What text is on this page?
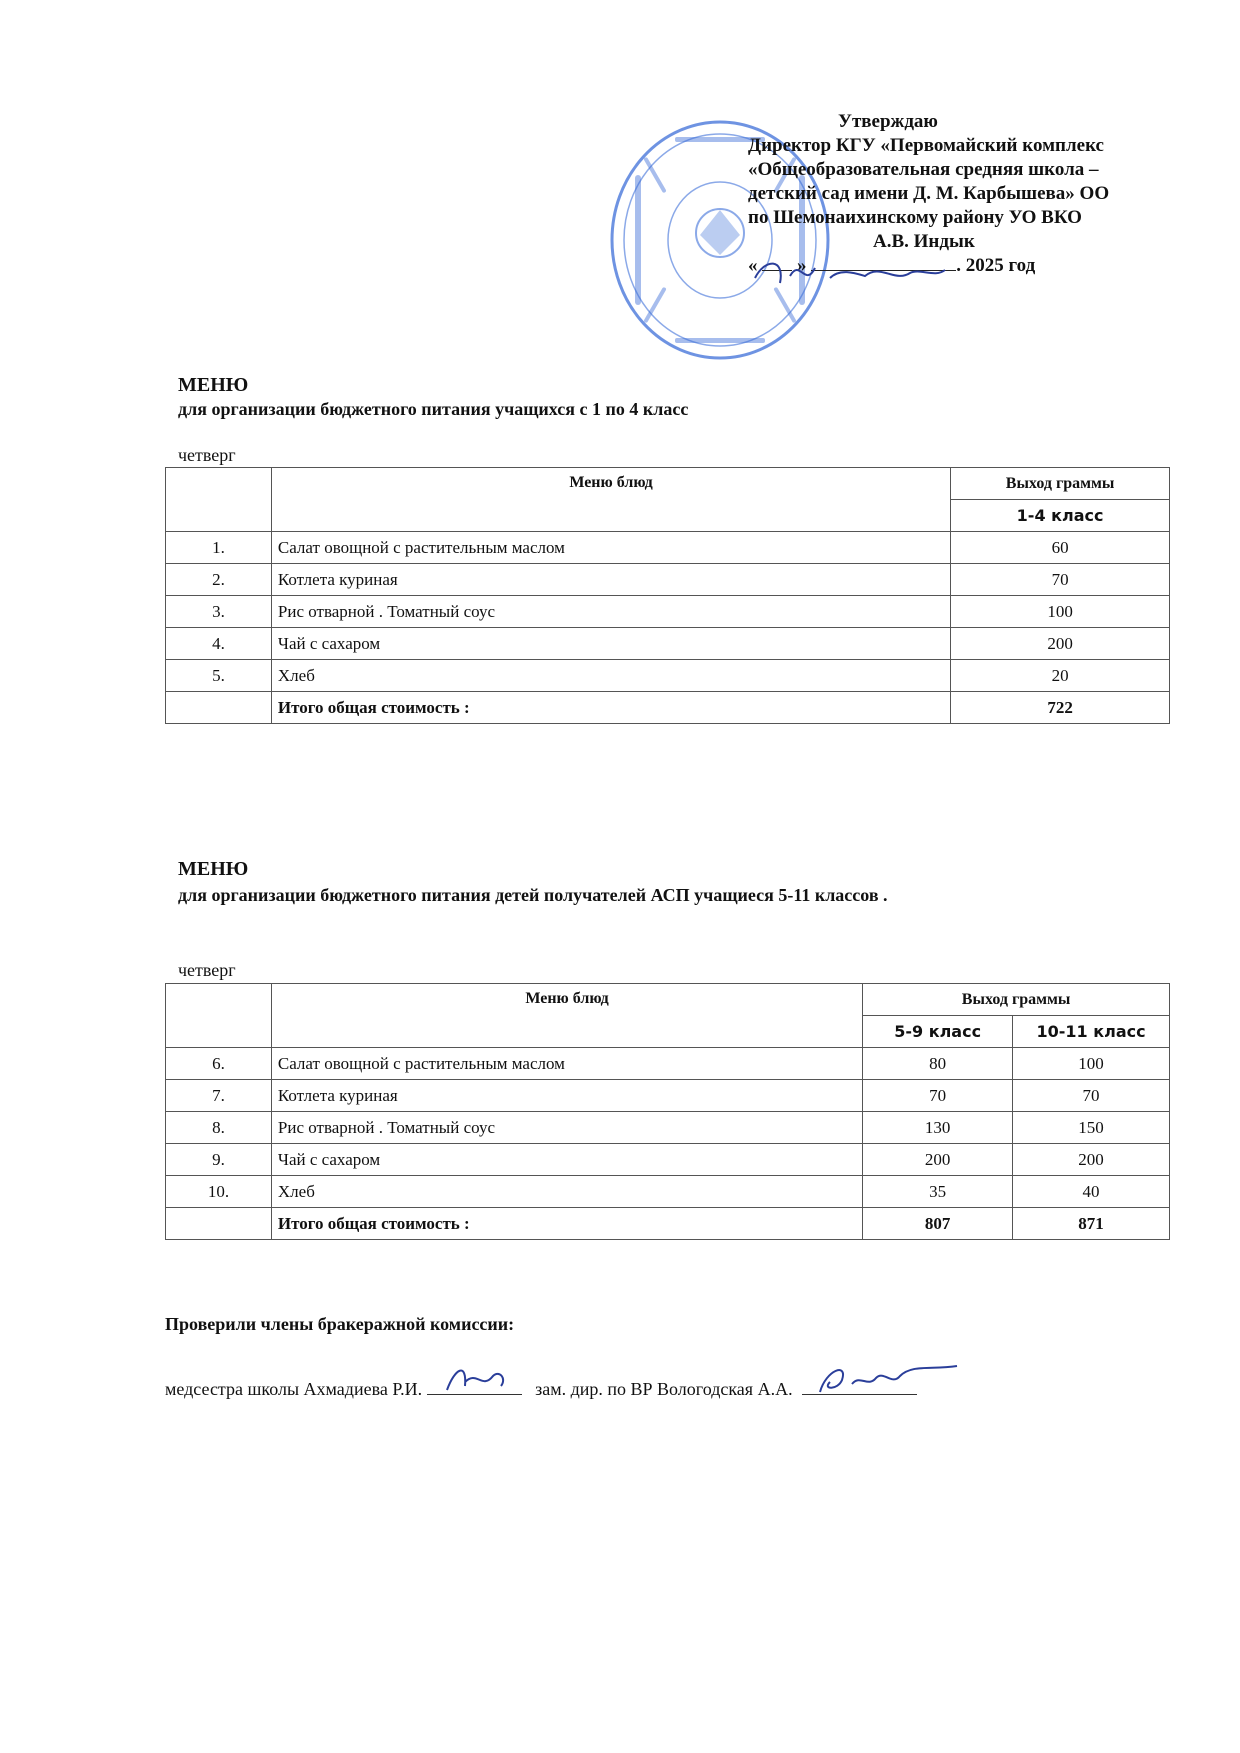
Утверждаю
Директор КГУ «Первомайский комплекс
«Общеобразовательная средняя школа –
детский сад имени Д. М. Карбышева» ОО
по Шемонаихинскому району УО ВКО
А.В. Индык
« »	. 2025 год
МЕНЮ
для организации бюджетного питания учащихся с 1 по 4 класс
четверг
	Меню блюд	Выход граммы
		1-4 класс
1.	Салат овощной с растительным маслом	60
2.	Котлета куриная	70
3.	Рис отварной . Томатный соус	100
4.	Чай с сахаром	200
5.	Хлеб	20
	Итого общая стоимость :	722
МЕНЮ
для организации бюджетного питания детей получателей АСП учащиеся 5-11 классов .
четверг
	Меню блюд	Выход граммы	
		5-9 класс	10-11 класс
6.	Салат овощной с растительным маслом	80	100
7.	Котлета куриная	70	70
8.	Рис отварной . Томатный соус	130	150
9.	Чай с сахаром	200	200
10.	Хлеб	35	40
	Итого общая стоимость :	807	871
Проверили члены бракеражной комиссии:
медсестра школы Ахмадиева Р.И.	зам. дир. по ВР Вологодская А.А.
